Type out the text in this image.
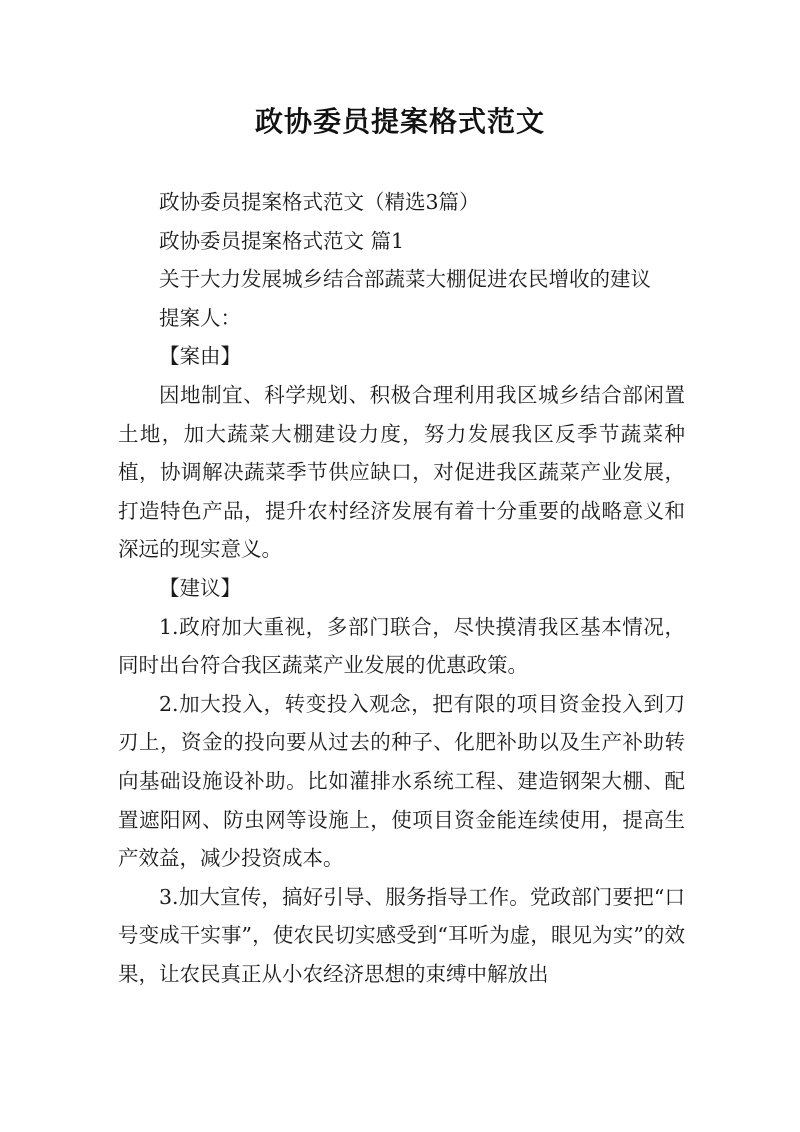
政协委员提案格式范文

政协委员提案格式范文（精选3篇）

政协委员提案格式范文 篇1

关于大力发展城乡结合部蔬菜大棚促进农民增收的建议

提案人：

【案由】

因地制宜、科学规划、积极合理利用我区城乡结合部闲置土地，加大蔬菜大棚建设力度，努力发展我区反季节蔬菜种植，协调解决蔬菜季节供应缺口，对促进我区蔬菜产业发展，打造特色产品，提升农村经济发展有着十分重要的战略意义和深远的现实意义。

【建议】

1.政府加大重视，多部门联合，尽快摸清我区基本情况，同时出台符合我区蔬菜产业发展的优惠政策。

2.加大投入，转变投入观念，把有限的项目资金投入到刀刃上，资金的投向要从过去的种子、化肥补助以及生产补助转向基础设施设补助。比如灌排水系统工程、建造钢架大棚、配置遮阳网、防虫网等设施上，使项目资金能连续使用，提高生产效益，减少投资成本。

3.加大宣传，搞好引导、服务指导工作。党政部门要把“口号变成干实事”，使农民切实感受到“耳听为虚，眼见为实”的效果，让农民真正从小农经济思想的束缚中解放出
